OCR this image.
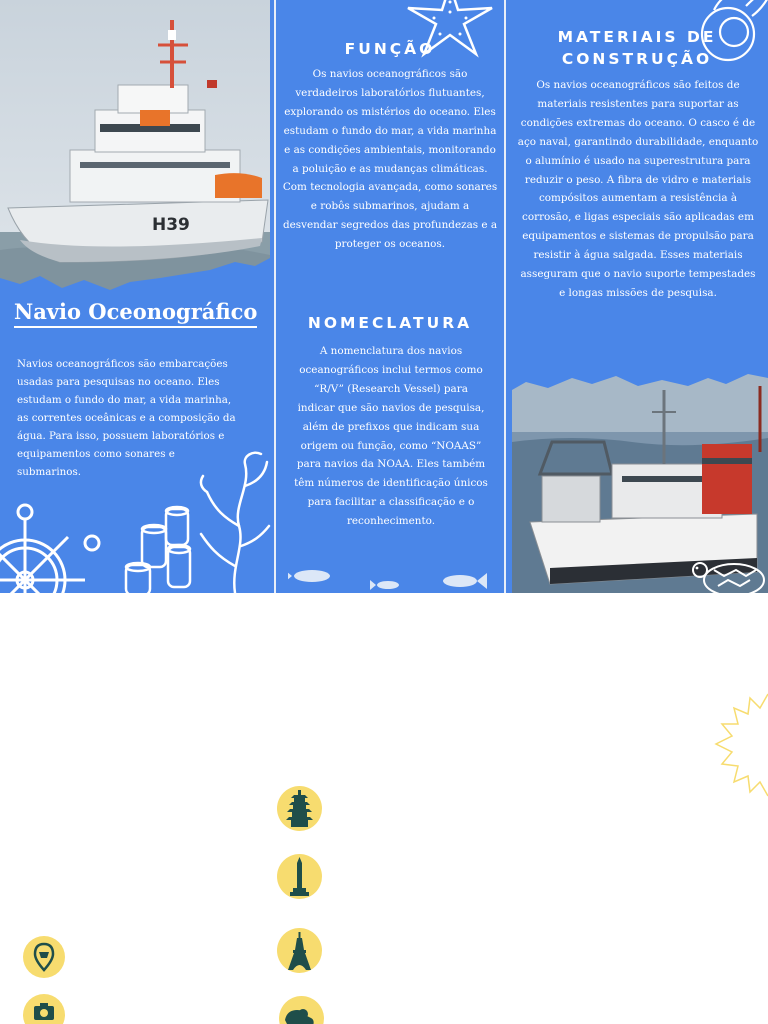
H39
Navio Oceonográfico
Navios oceanográficos são embarcações usadas para pesquisas no oceano. Eles estudam o fundo do mar, a vida marinha, as correntes oceânicas e a composição da água. Para isso, possuem laboratórios e equipamentos como sonares e submarinos.
FUNÇÃO
Os navios oceanográficos são verdadeiros laboratórios flutuantes, explorando os mistérios do oceano. Eles estudam o fundo do mar, a vida marinha e as condições ambientais, monitorando a poluição e as mudanças climáticas. Com tecnologia avançada, como sonares e robôs submarinos, ajudam a desvendar segredos das profundezas e a proteger os oceanos.
NOMECLATURA
A nomenclatura dos navios oceanográficos inclui termos como “R/V” (Research Vessel) para indicar que são navios de pesquisa, além de prefixos que indicam sua origem ou função, como “NOAAS” para navios da NOAA. Eles também têm números de identificação únicos para facilitar a classificação e o reconhecimento.
MATERIAIS DE
CONSTRUÇÃO
Os navios oceanográficos são feitos de materiais resistentes para suportar as condições extremas do oceano. O casco é de aço naval, garantindo durabilidade, enquanto o alumínio é usado na superestrutura para reduzir o peso. A fibra de vidro e materiais compósitos aumentam a resistência à corrosão, e ligas especiais são aplicadas em equipamentos e sistemas de propulsão para resistir à água salgada. Esses materiais asseguram que o navio suporte tempestades e longas missões de pesquisa.
